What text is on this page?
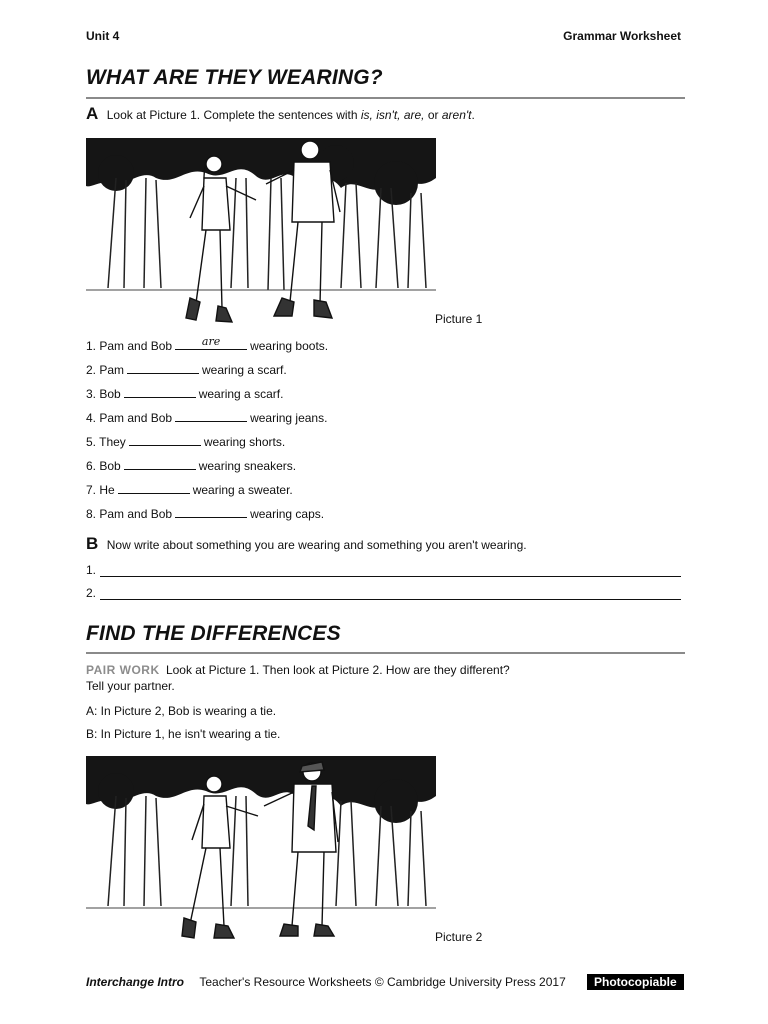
Unit 4	Grammar Worksheet
WHAT ARE THEY WEARING?
A Look at Picture 1. Complete the sentences with is, isn't, are, or aren't.
Picture 1
1. Pam and Bob	are	wearing boots.
2. Pam	wearing a scarf.
3. Bob	wearing a scarf.
4. Pam and Bob	wearing jeans.
5. They	wearing shorts.
6. Bob	wearing sneakers.
7. He	wearing a sweater.
8. Pam and Bob	wearing caps.
B Now write about something you are wearing and something you aren't wearing.
1.
2.
FIND THE DIFFERENCES
PAIR WORK Look at Picture 1. Then look at Picture 2. How are they different?
Tell your partner.
A: In Picture 2, Bob is wearing a tie.
B: In Picture 1, he isn't wearing a tie.
Picture 2
Interchange Intro Teacher's Resource Worksheets © Cambridge University Press 2017	Photocopiable
